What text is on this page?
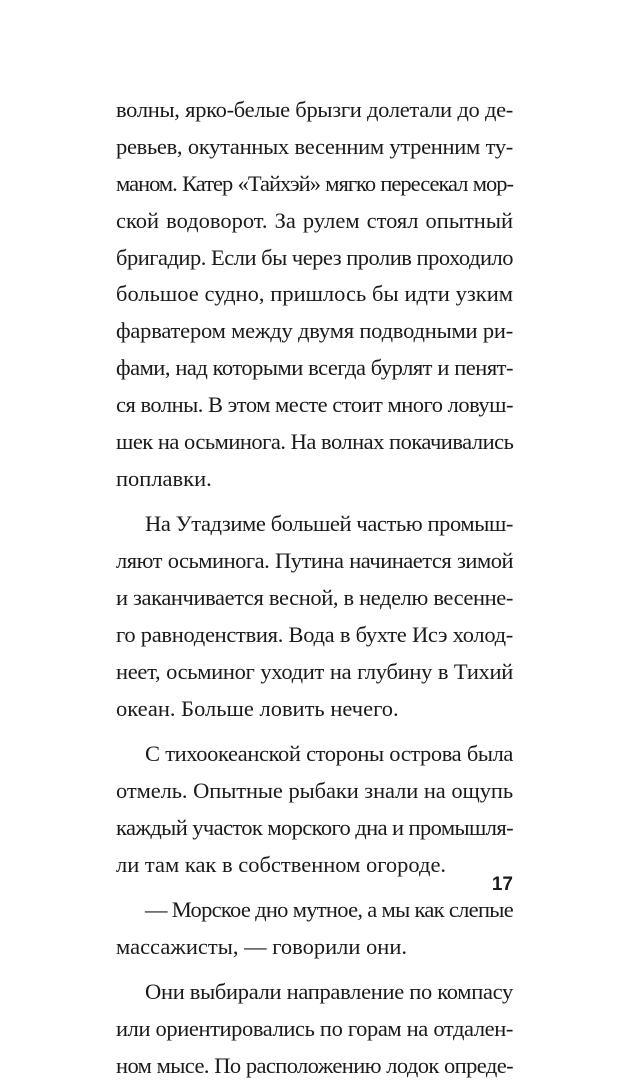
волны, ярко-белые брызги долетали до де-
ревьев, окутанных весенним утренним ту-
маном. Катер «Тайхэй» мягко пересекал мор-
ской водоворот. За рулем стоял опытный
бригадир. Если бы через пролив проходило
большое судно, пришлось бы идти узким
фарватером между двумя подводными ри-
фами, над которыми всегда бурлят и пенят-
ся волны. В этом месте стоит много ловуш-
шек на осьминога. На волнах покачивались
поплавки.
На Утадзиме большей частью промыш-
ляют осьминога. Путина начинается зимой
и заканчивается весной, в неделю весенне-
го равноденствия. Вода в бухте Исэ холод-
неет, осьминог уходит на глубину в Тихий
океан. Больше ловить нечего.
С тихоокеанской стороны острова была
отмель. Опытные рыбаки знали на ощупь
каждый участок морского дна и промышля-
ли там как в собственном огороде.
— Морское дно мутное, а мы как слепые
массажисты, — говорили они.
Они выбирали направление по компасу
или ориентировались по горам на отдален-
ном мысе. По расположению лодок опреде-
17
